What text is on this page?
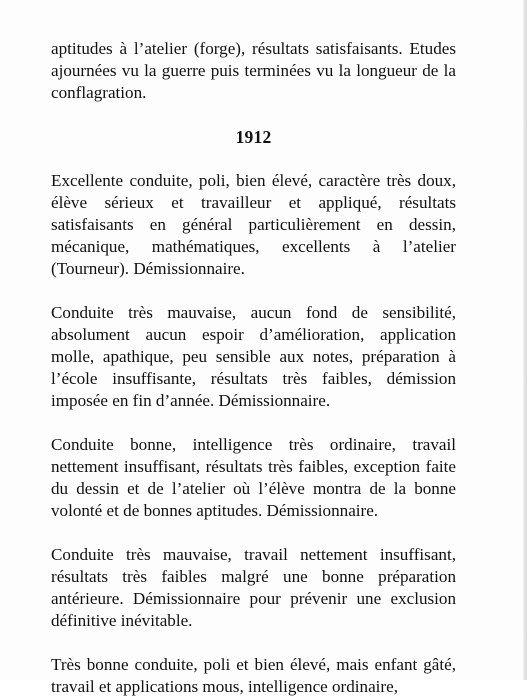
aptitudes à l’atelier (forge), résultats satisfaisants. Etudes ajournées vu la guerre puis terminées vu la longueur de la conflagration.

1912

Excellente conduite, poli, bien élevé, caractère très doux, élève sérieux et travailleur et appliqué, résultats satisfaisants en général particulièrement en dessin, mécanique, mathématiques, excellents à l’atelier (Tourneur). Démissionnaire.

Conduite très mauvaise, aucun fond de sensibilité, absolument aucun espoir d’amélioration, application molle, apathique, peu sensible aux notes, préparation à l’école insuffisante, résultats très faibles, démission imposée en fin d’année. Démissionnaire.

Conduite bonne, intelligence très ordinaire, travail nettement insuffisant, résultats très faibles, exception faite du dessin et de l’atelier où l’élève montra de la bonne volonté et de bonnes aptitudes. Démissionnaire.

Conduite très mauvaise, travail nettement insuffisant, résultats très faibles malgré une bonne préparation antérieure. Démissionnaire pour prévenir une exclusion définitive inévitable.

Très bonne conduite, poli et bien élevé, mais enfant gâté, travail et applications mous, intelligence ordinaire,
